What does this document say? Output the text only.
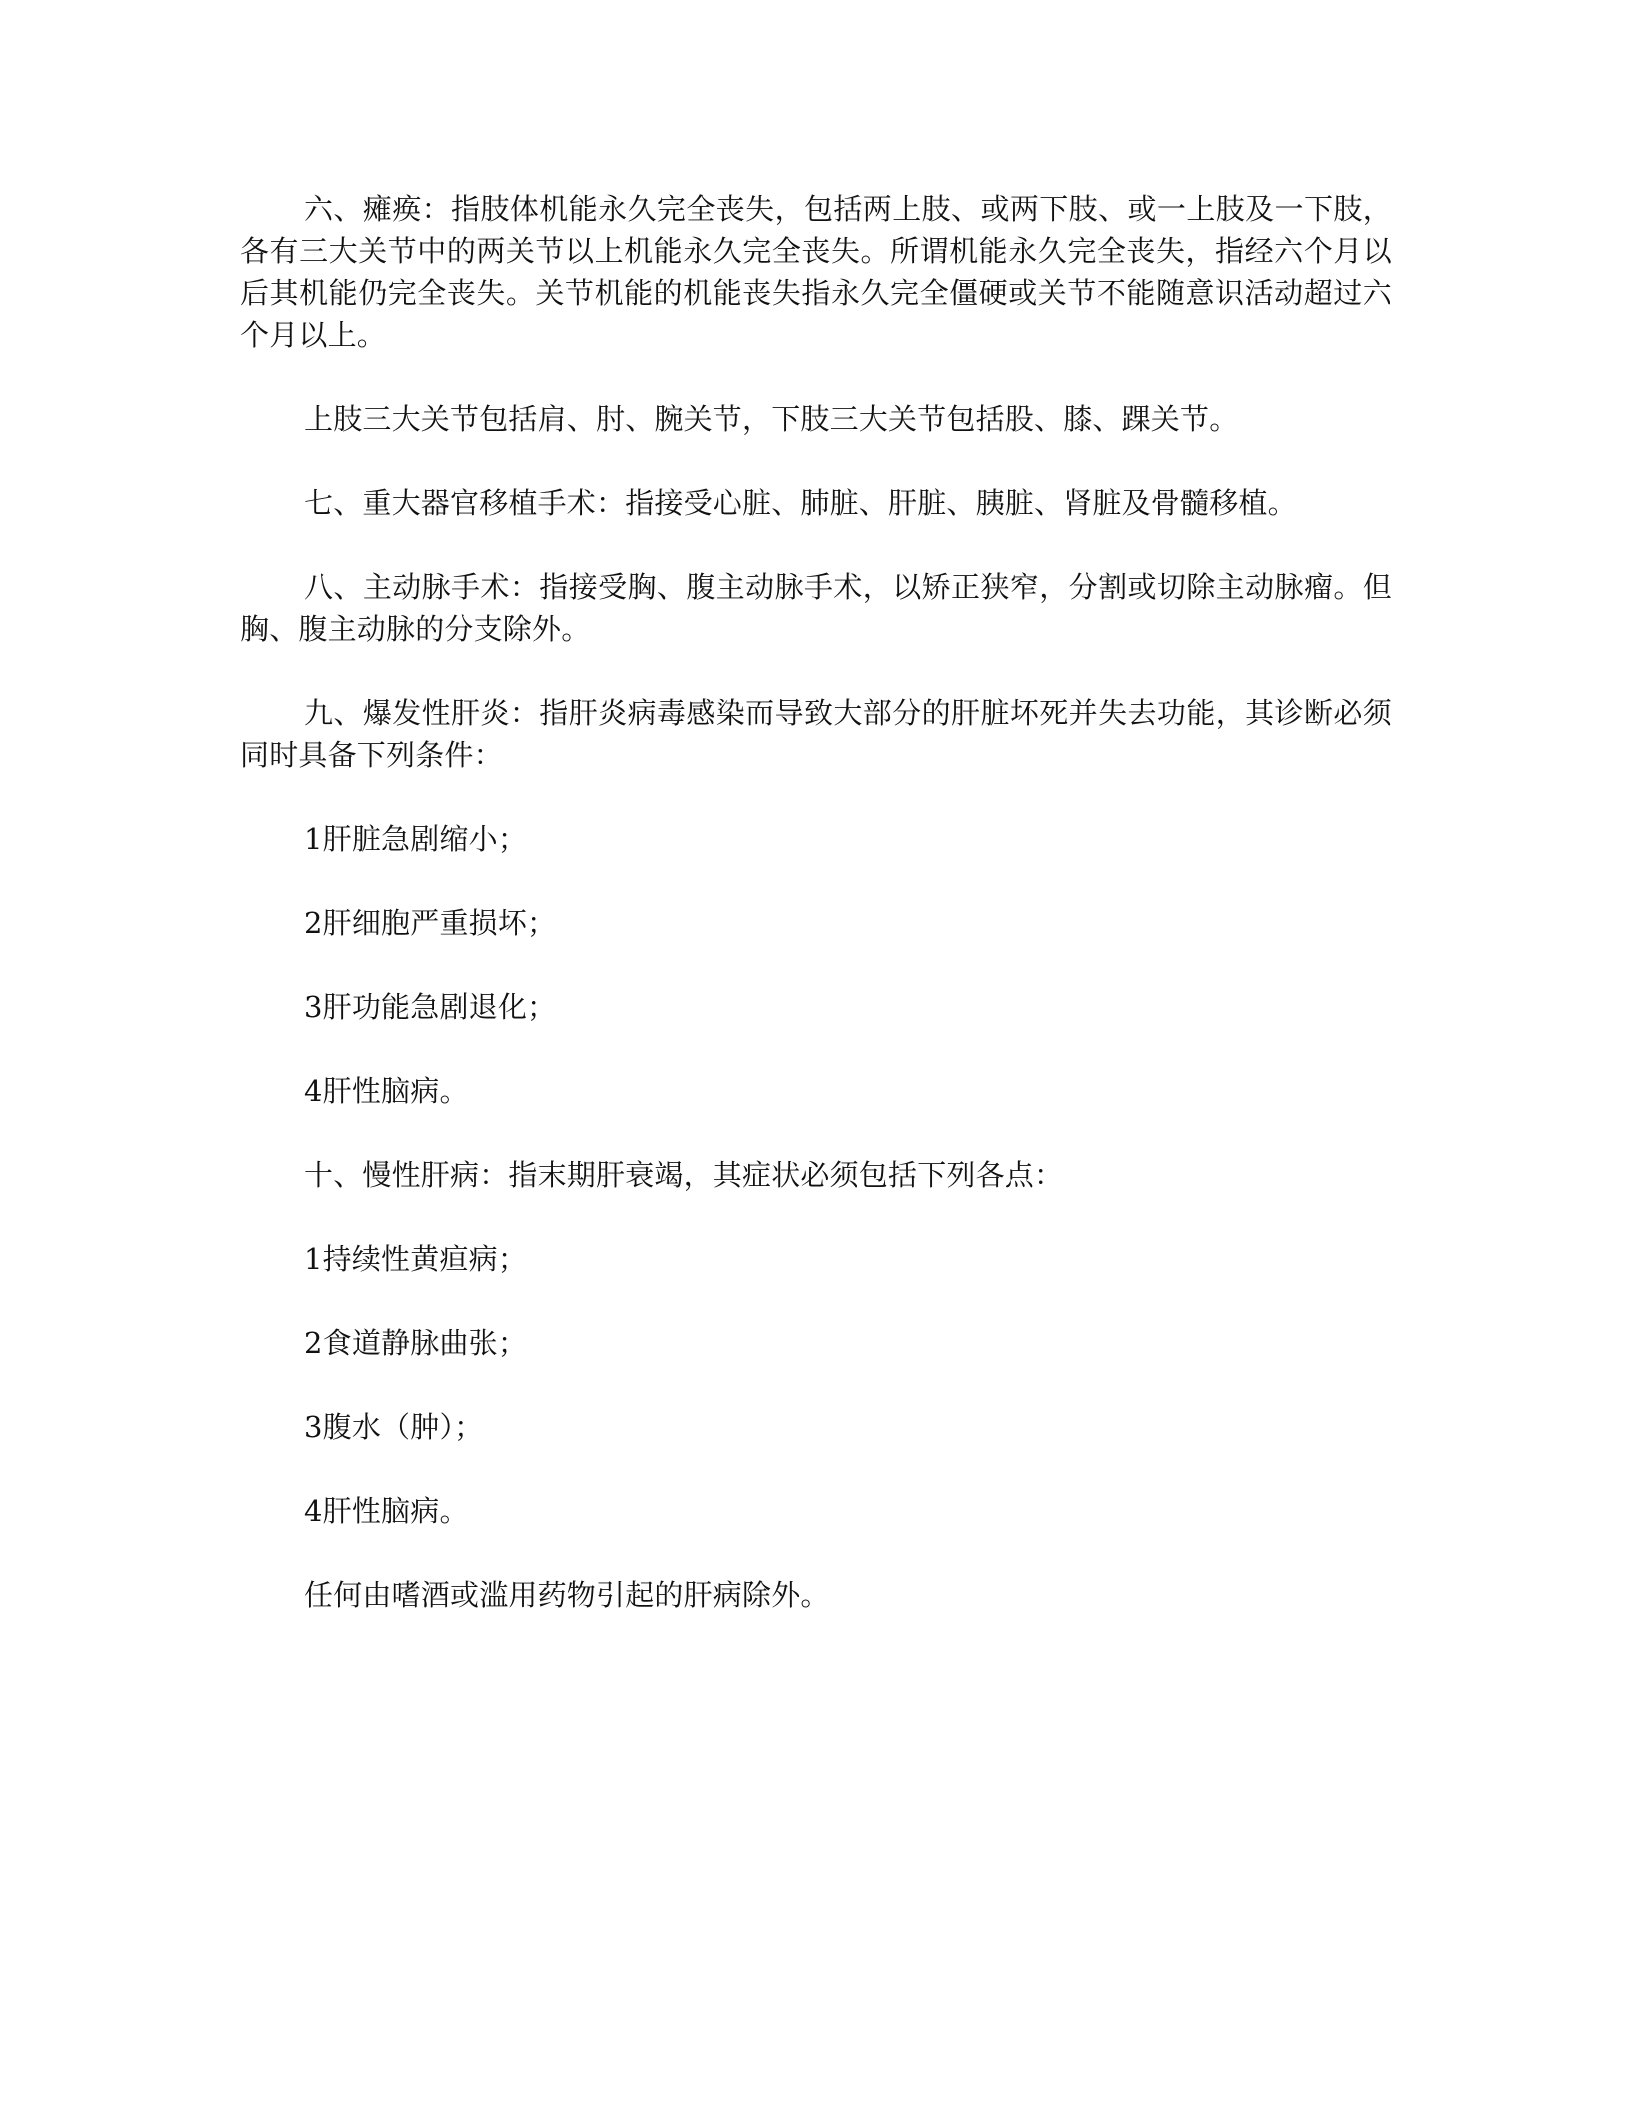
六、瘫痪：指肢体机能永久完全丧失，包括两上肢、或两下肢、或一上肢及一下肢，各有三大关节中的两关节以上机能永久完全丧失。所谓机能永久完全丧失，指经六个月以后其机能仍完全丧失。关节机能的机能丧失指永久完全僵硬或关节不能随意识活动超过六个月以上。

上肢三大关节包括肩、肘、腕关节，下肢三大关节包括股、膝、踝关节。

七、重大器官移植手术：指接受心脏、肺脏、肝脏、胰脏、肾脏及骨髓移植。

八、主动脉手术：指接受胸、腹主动脉手术，以矫正狭窄，分割或切除主动脉瘤。但胸、腹主动脉的分支除外。

九、爆发性肝炎：指肝炎病毒感染而导致大部分的肝脏坏死并失去功能，其诊断必须同时具备下列条件：

1肝脏急剧缩小；

2肝细胞严重损坏；

3肝功能急剧退化；

4肝性脑病。

十、慢性肝病：指末期肝衰竭，其症状必须包括下列各点：

1持续性黄疸病；

2食道静脉曲张；

3腹水（肿）；

4肝性脑病。

任何由嗜酒或滥用药物引起的肝病除外。
